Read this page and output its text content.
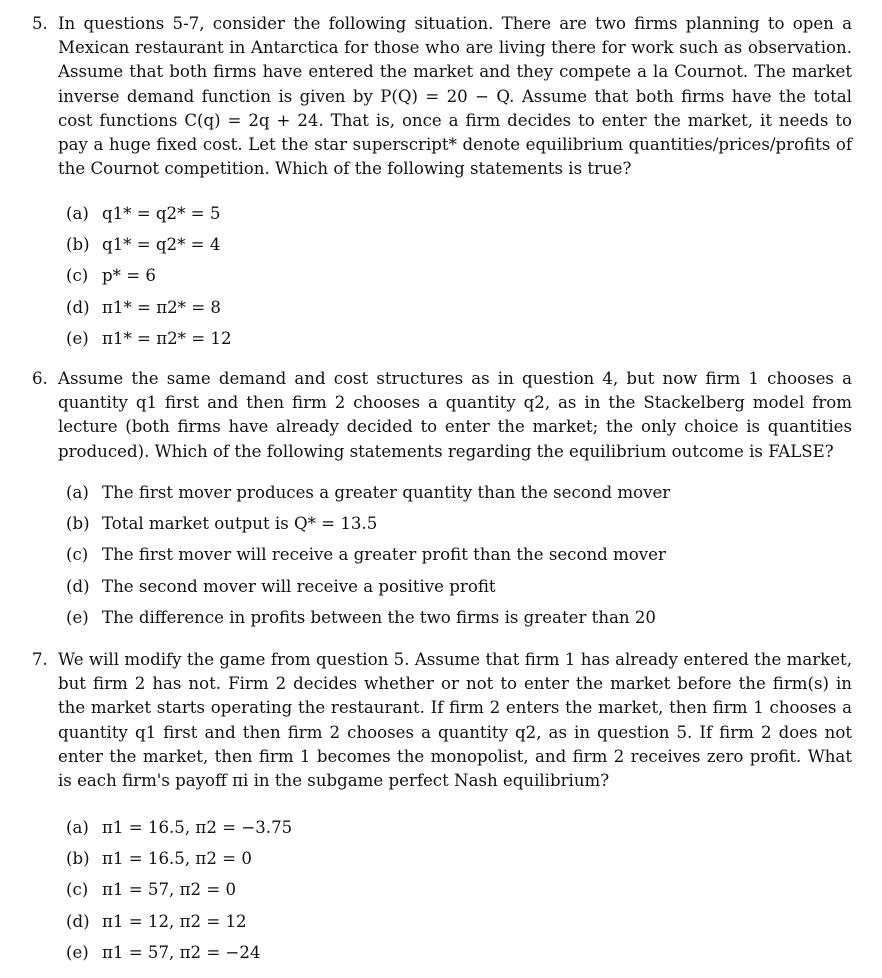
5. In questions 5-7, consider the following situation. There are two firms planning to open a Mexican restaurant in Antarctica for those who are living there for work such as observation. Assume that both firms have entered the market and they compete a la Cournot. The market inverse demand function is given by P(Q) = 20 − Q. Assume that both firms have the total cost functions C(q) = 2q + 24. That is, once a firm decides to enter the market, it needs to pay a huge fixed cost. Let the star superscript* denote equilibrium quantities/prices/profits of the Cournot competition. Which of the following statements is true?
(a) q1* = q2* = 5
(b) q1* = q2* = 4
(c) p* = 6
(d) π1* = π2* = 8
(e) π1* = π2* = 12
6. Assume the same demand and cost structures as in question 4, but now firm 1 chooses a quantity q1 first and then firm 2 chooses a quantity q2, as in the Stackelberg model from lecture (both firms have already decided to enter the market; the only choice is quantities produced). Which of the following statements regarding the equilibrium outcome is FALSE?
(a) The first mover produces a greater quantity than the second mover
(b) Total market output is Q* = 13.5
(c) The first mover will receive a greater profit than the second mover
(d) The second mover will receive a positive profit
(e) The difference in profits between the two firms is greater than 20
7. We will modify the game from question 5. Assume that firm 1 has already entered the market, but firm 2 has not. Firm 2 decides whether or not to enter the market before the firm(s) in the market starts operating the restaurant. If firm 2 enters the market, then firm 1 chooses a quantity q1 first and then firm 2 chooses a quantity q2, as in question 5. If firm 2 does not enter the market, then firm 1 becomes the monopolist, and firm 2 receives zero profit. What is each firm's payoff πi in the subgame perfect Nash equilibrium?
(a) π1 = 16.5, π2 = −3.75
(b) π1 = 16.5, π2 = 0
(c) π1 = 57, π2 = 0
(d) π1 = 12, π2 = 12
(e) π1 = 57, π2 = −24
